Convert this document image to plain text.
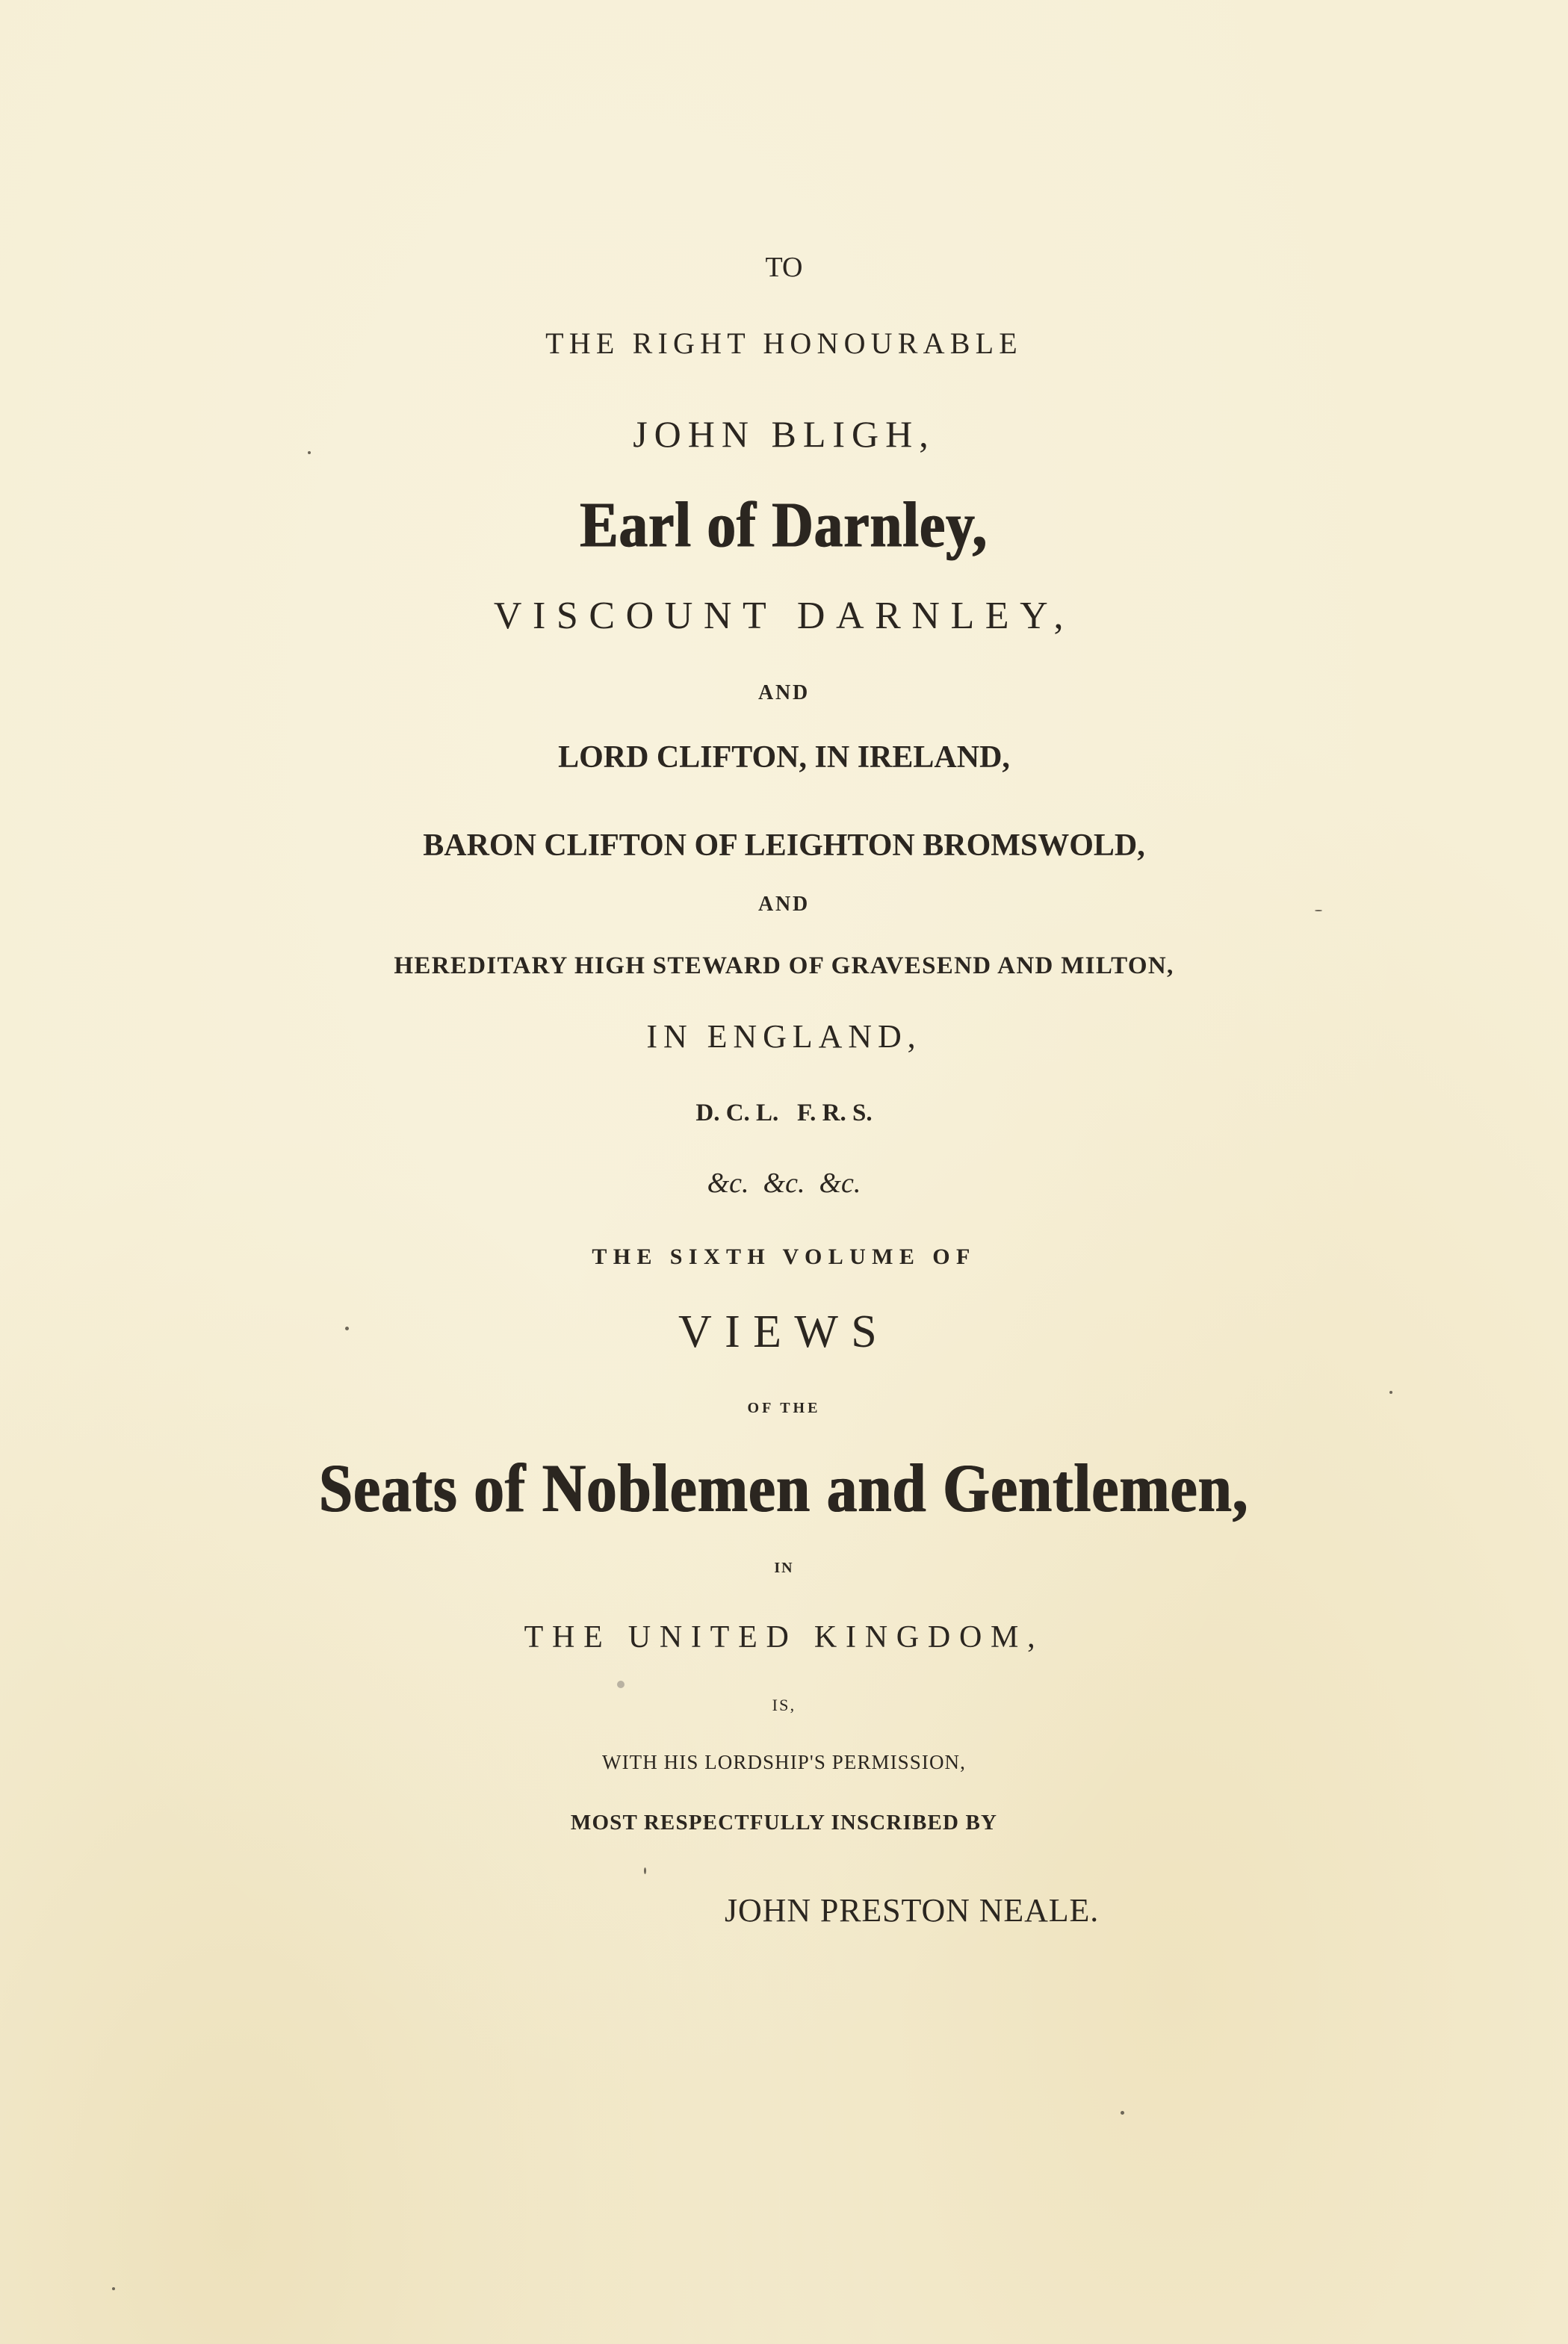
TO

THE RIGHT HONOURABLE

JOHN BLIGH,

Earl of Darnley,

VISCOUNT DARNLEY,

AND

LORD CLIFTON, IN IRELAND,

BARON CLIFTON OF LEIGHTON BROMSWOLD,

AND

HEREDITARY HIGH STEWARD OF GRAVESEND AND MILTON,

IN ENGLAND,

D. C. L.   F. R. S.

&c.  &c.  &c.

THE SIXTH VOLUME OF

VIEWS

OF THE

Seats of Noblemen and Gentlemen,

IN

THE UNITED KINGDOM,

IS,

WITH HIS LORDSHIP'S PERMISSION,

MOST RESPECTFULLY INSCRIBED BY

JOHN PRESTON NEALE.
